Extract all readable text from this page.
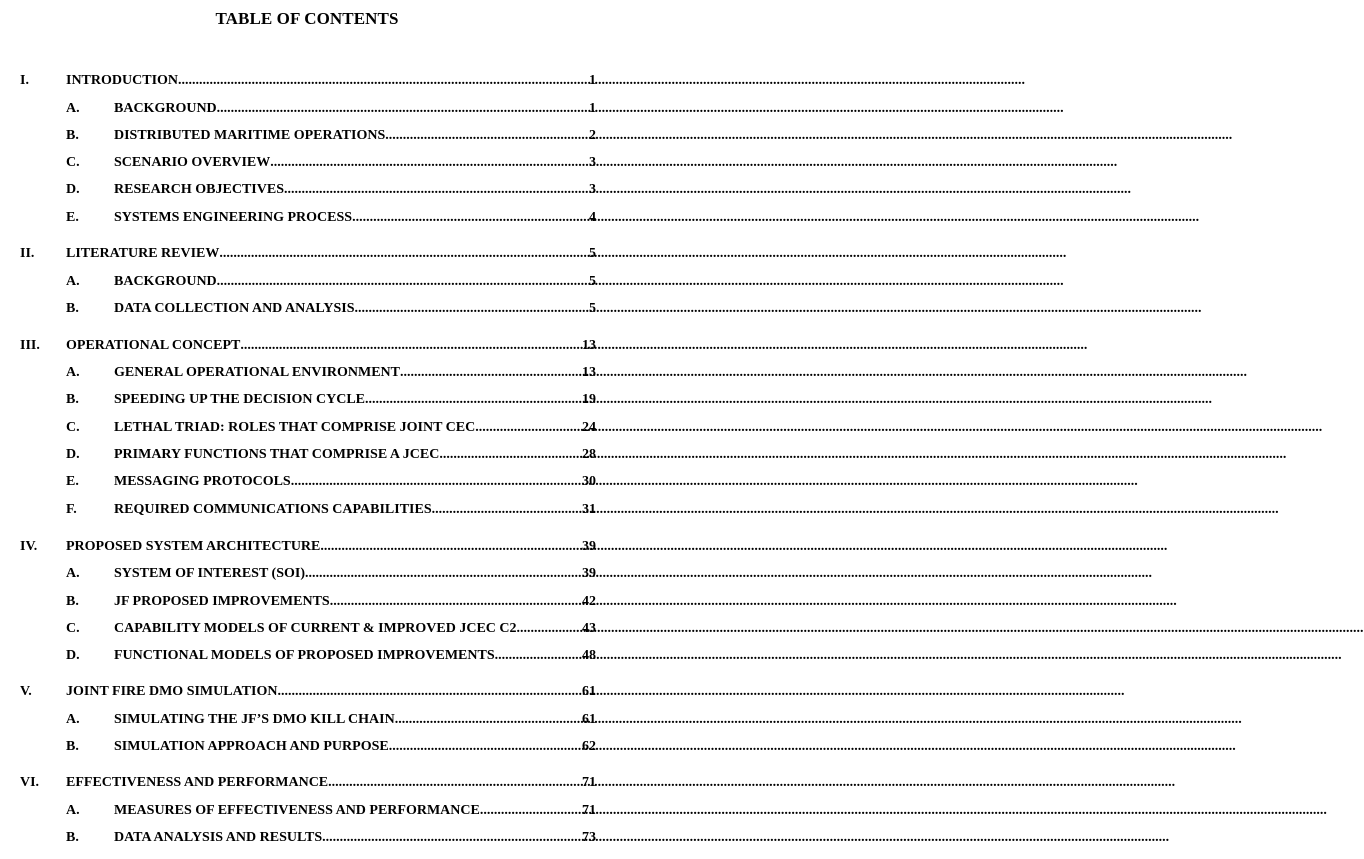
TABLE OF CONTENTS
I.	INTRODUCTION .....	1
A.	BACKGROUND .....	1
B.	DISTRIBUTED MARITIME OPERATIONS .....	2
C.	SCENARIO OVERVIEW .....	3
D.	RESEARCH OBJECTIVES .....	3
E.	SYSTEMS ENGINEERING PROCESS .....	4
II.	LITERATURE REVIEW .....	5
A.	BACKGROUND .....	5
B.	DATA COLLECTION AND ANALYSIS .....	5
III.	OPERATIONAL CONCEPT .....	13
A.	GENERAL OPERATIONAL ENVIRONMENT .....	13
B.	SPEEDING UP THE DECISION CYCLE .....	19
C.	LETHAL TRIAD: ROLES THAT COMPRISE JOINT CEC .....	24
D.	PRIMARY FUNCTIONS THAT COMPRISE A JCEC .....	28
E.	MESSAGING PROTOCOLS .....	30
F.	REQUIRED COMMUNICATIONS CAPABILITIES .....	31
IV.	PROPOSED SYSTEM ARCHITECTURE .....	39
A.	SYSTEM OF INTEREST (SOI) .....	39
B.	JF PROPOSED IMPROVEMENTS .....	42
C.	CAPABILITY MODELS OF CURRENT & IMPROVED JCEC C2 .....	43
D.	FUNCTIONAL MODELS OF PROPOSED IMPROVEMENTS .....	48
V.	JOINT FIRE DMO SIMULATION .....	61
A.	SIMULATING THE JF’S DMO KILL CHAIN .....	61
B.	SIMULATION APPROACH AND PURPOSE .....	62
VI.	EFFECTIVENESS AND PERFORMANCE .....	71
A.	MEASURES OF EFFECTIVENESS AND PERFORMANCE .....	71
B.	DATA ANALYSIS AND RESULTS .....	73
